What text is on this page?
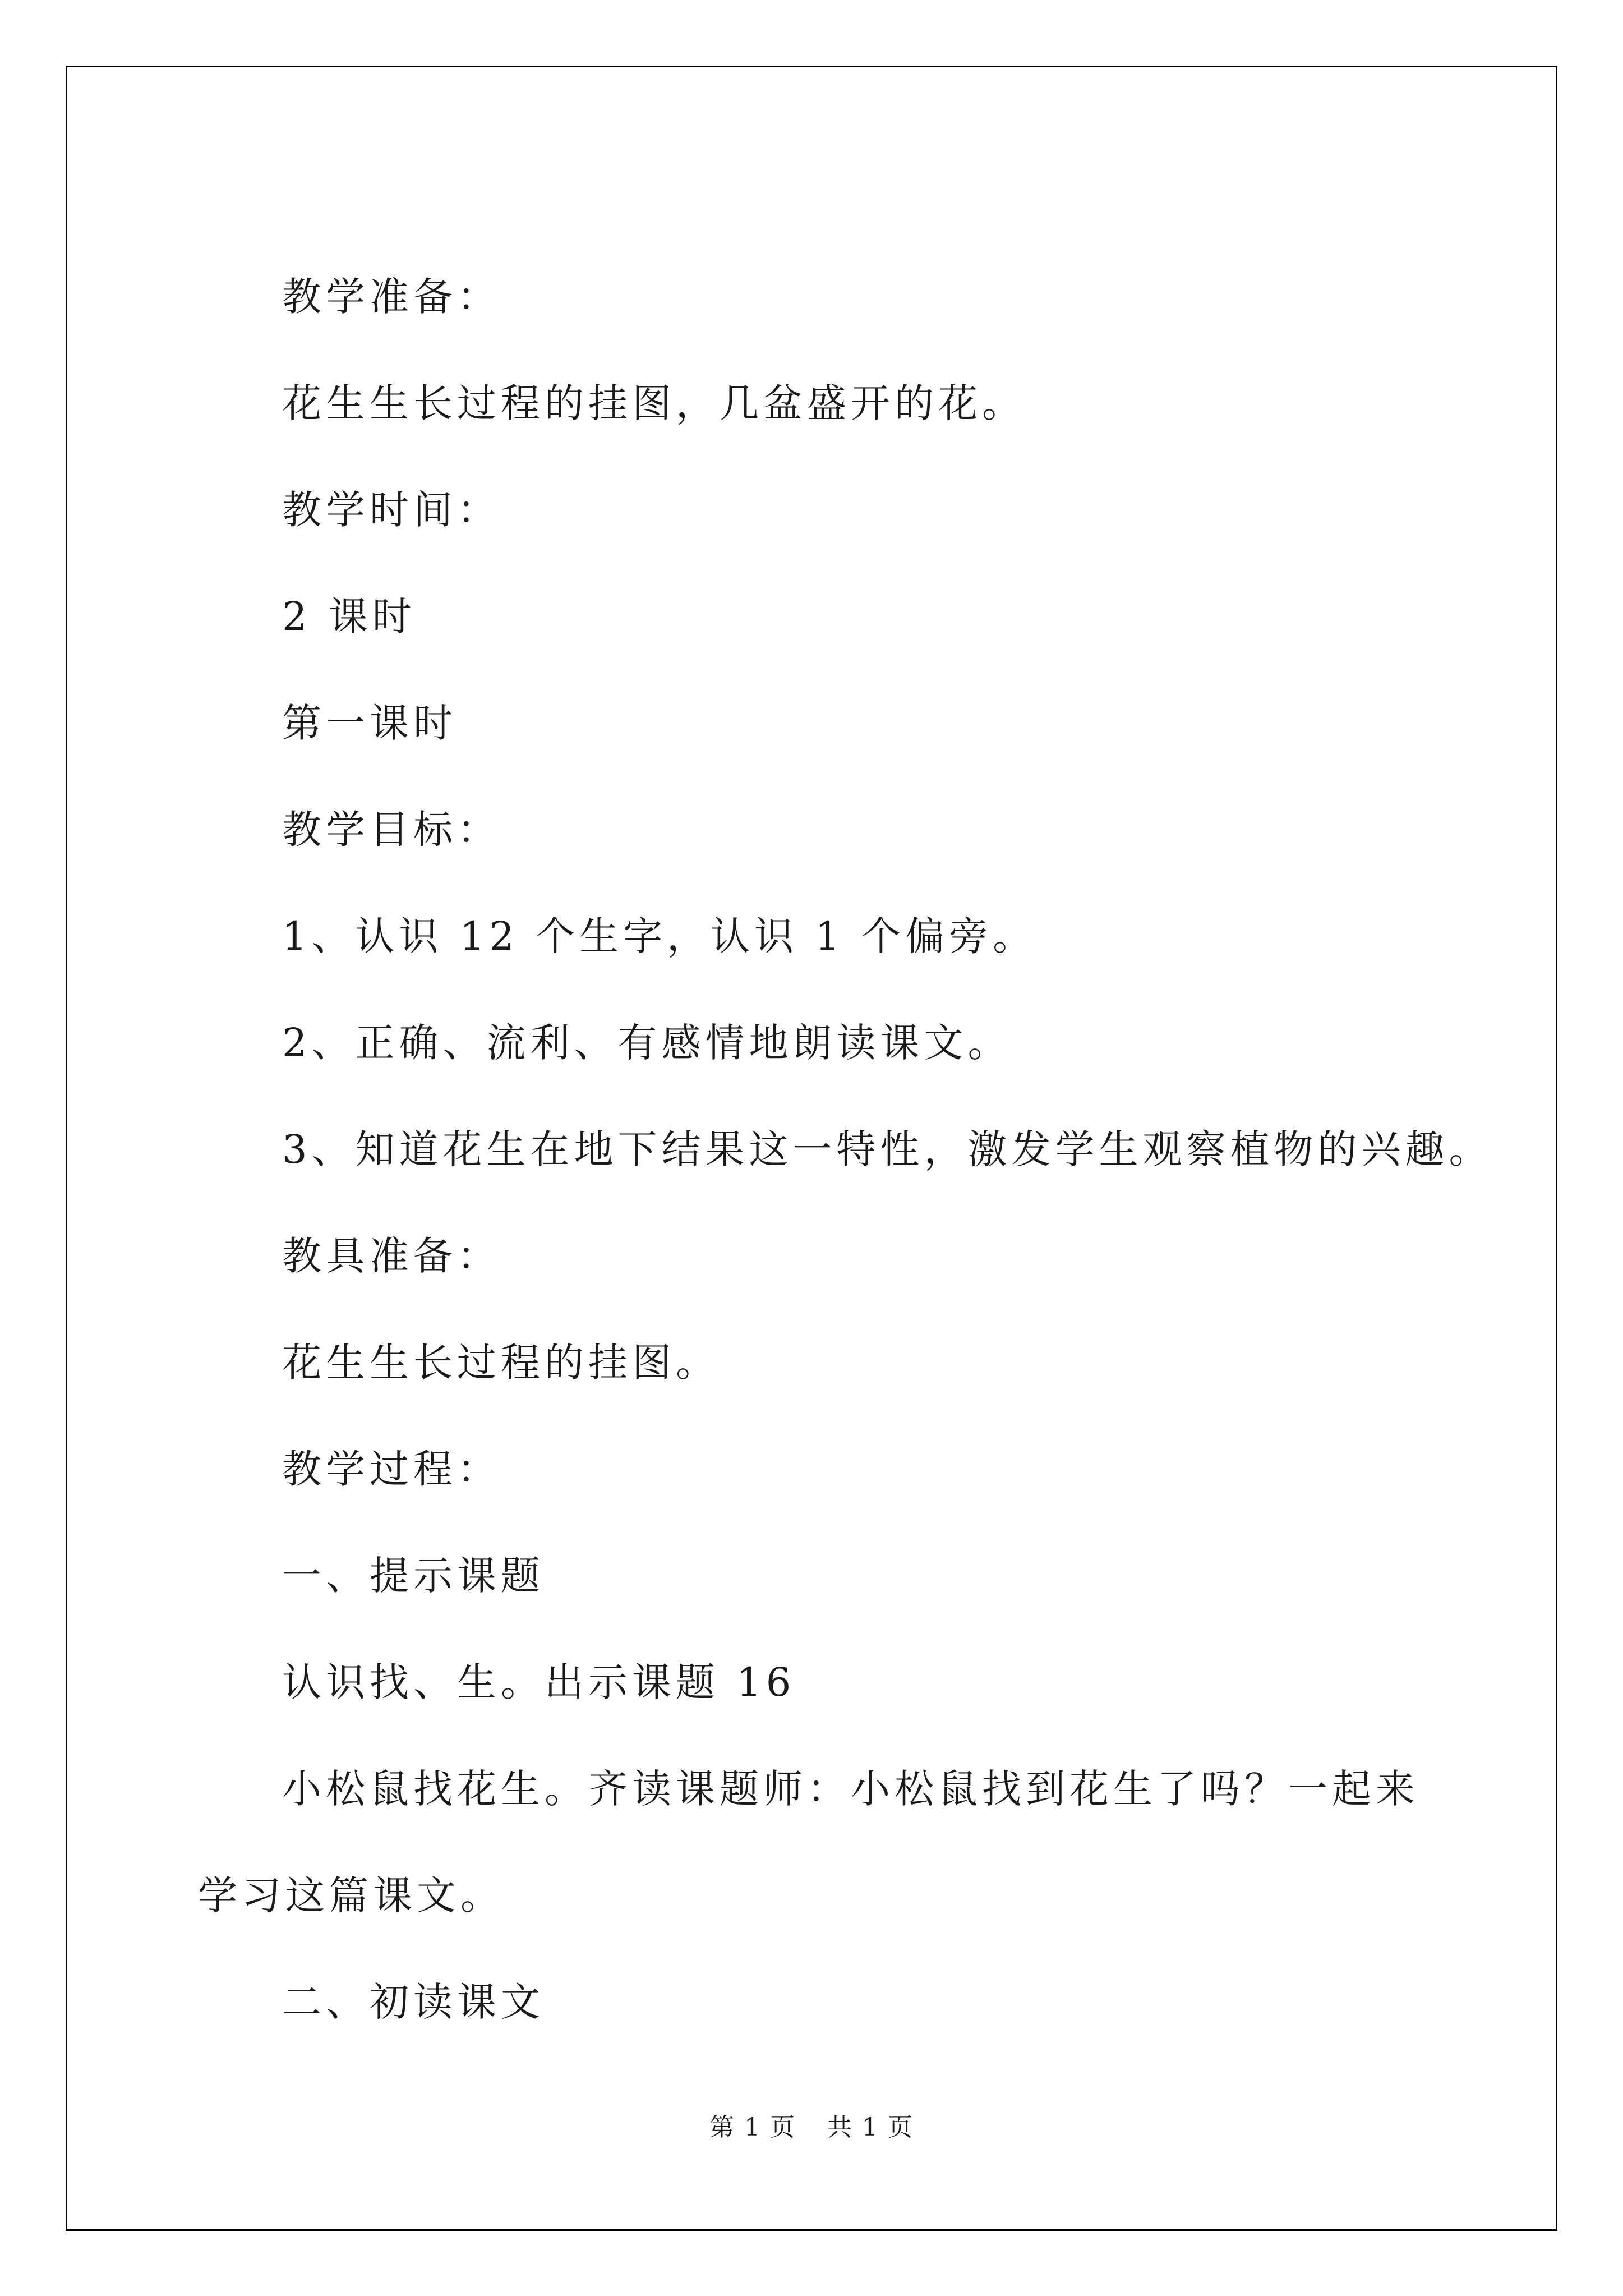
教学准备：

花生生长过程的挂图，几盆盛开的花。

教学时间：

2 课时

第一课时

教学目标：

1、认识 12 个生字，认识 1 个偏旁。

2、正确、流利、有感情地朗读课文。

3、知道花生在地下结果这一特性，激发学生观察植物的兴趣。

教具准备：

花生生长过程的挂图。

教学过程：

一、提示课题

认识找、生。出示课题 16

小松鼠找花生。齐读课题师：小松鼠找到花生了吗？一起来学习这篇课文。

二、初读课文

第 1 页 共 1 页
